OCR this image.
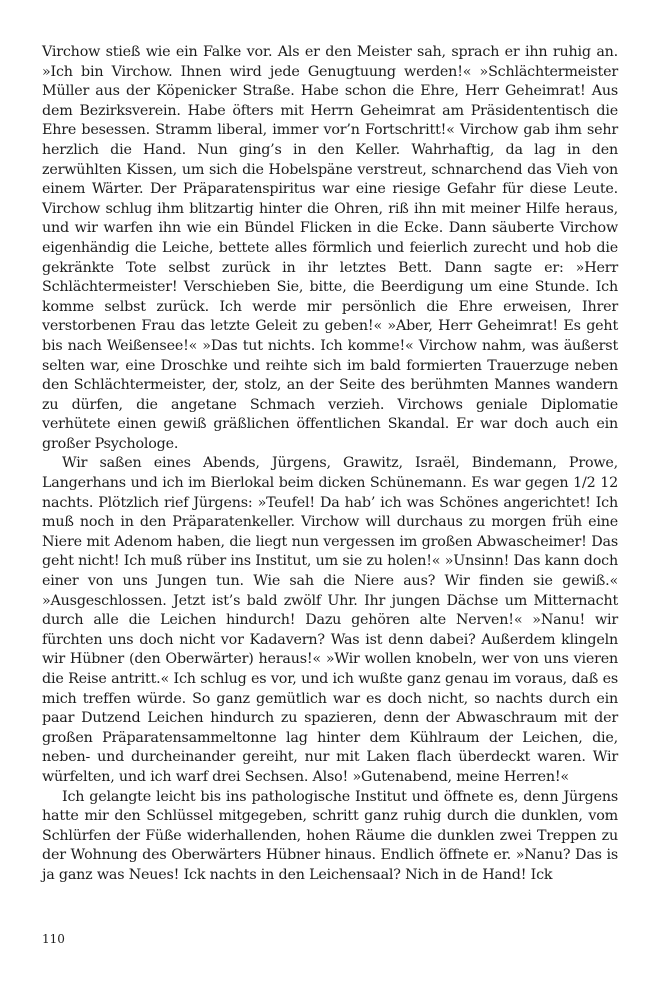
Virchow stieß wie ein Falke vor. Als er den Meister sah, sprach er ihn ruhig an. »Ich bin Virchow. Ihnen wird jede Genugtuung werden!« »Schlächtermeister Müller aus der Köpenicker Straße. Habe schon die Ehre, Herr Geheimrat! Aus dem Bezirksverein. Habe öfters mit Herrn Geheimrat am Präsidententisch die Ehre besessen. Stramm liberal, immer vor’n Fortschritt!« Virchow gab ihm sehr herzlich die Hand. Nun ging’s in den Keller. Wahrhaftig, da lag in den zerwühlten Kissen, um sich die Hobelspäne verstreut, schnarchend das Vieh von einem Wärter. Der Präparatenspiritus war eine riesige Gefahr für diese Leute. Virchow schlug ihm blitzartig hinter die Ohren, riß ihn mit meiner Hilfe heraus, und wir warfen ihn wie ein Bündel Flicken in die Ecke. Dann säuberte Virchow eigenhändig die Leiche, bettete alles förmlich und feierlich zurecht und hob die gekränkte Tote selbst zurück in ihr letztes Bett. Dann sagte er: »Herr Schlächtermeister! Verschieben Sie, bitte, die Beerdigung um eine Stunde. Ich komme selbst zurück. Ich werde mir persönlich die Ehre erweisen, Ihrer verstorbenen Frau das letzte Geleit zu geben!« »Aber, Herr Geheimrat! Es geht bis nach Weißensee!« »Das tut nichts. Ich komme!« Virchow nahm, was äußerst selten war, eine Droschke und reihte sich im bald formierten Trauerzuge neben den Schlächtermeister, der, stolz, an der Seite des berühmten Mannes wandern zu dürfen, die angetane Schmach verzieh. Virchows geniale Diplomatie verhütete einen gewiß gräßlichen öffentlichen Skandal. Er war doch auch ein großer Psychologe.

Wir saßen eines Abends, Jürgens, Grawitz, Israël, Bindemann, Prowe, Langerhans und ich im Bierlokal beim dicken Schünemann. Es war gegen 1/2 12 nachts. Plötzlich rief Jürgens: »Teufel! Da hab’ ich was Schönes angerichtet! Ich muß noch in den Präparatenkeller. Virchow will durchaus zu morgen früh eine Niere mit Adenom haben, die liegt nun vergessen im großen Abwascheimer! Das geht nicht! Ich muß rüber ins Institut, um sie zu holen!« »Unsinn! Das kann doch einer von uns Jungen tun. Wie sah die Niere aus? Wir finden sie gewiß.« »Ausgeschlossen. Jetzt ist’s bald zwölf Uhr. Ihr jungen Dächse um Mitternacht durch alle die Leichen hindurch! Dazu gehören alte Nerven!« »Nanu! wir fürchten uns doch nicht vor Kadavern? Was ist denn dabei? Außerdem klingeln wir Hübner (den Oberwärter) heraus!« »Wir wollen knobeln, wer von uns vieren die Reise antritt.« Ich schlug es vor, und ich wußte ganz genau im voraus, daß es mich treffen würde. So ganz gemütlich war es doch nicht, so nachts durch ein paar Dutzend Leichen hindurch zu spazieren, denn der Abwaschraum mit der großen Präparatensammeltonne lag hinter dem Kühlraum der Leichen, die, neben- und durcheinander gereiht, nur mit Laken flach überdeckt waren. Wir würfelten, und ich warf drei Sechsen. Also! »Gutenabend, meine Herren!«

Ich gelangte leicht bis ins pathologische Institut und öffnete es, denn Jürgens hatte mir den Schlüssel mitgegeben, schritt ganz ruhig durch die dunklen, vom Schlürfen der Füße widerhallenden, hohen Räume die dunklen zwei Treppen zu der Wohnung des Oberwärters Hübner hinaus. Endlich öffnete er. »Nanu? Das is ja ganz was Neues! Ick nachts in den Leichensaal? Nich in de Hand! Ick

110
